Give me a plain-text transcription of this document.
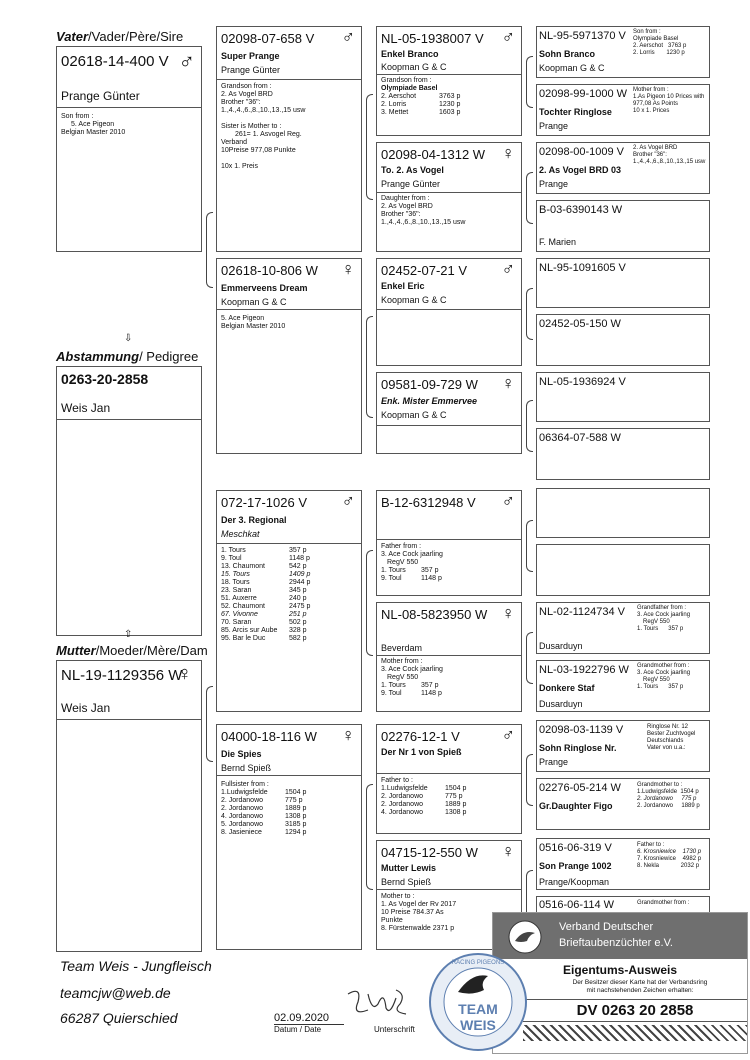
Vater/Vader/Père/Sire
02618-14-400 V ♂
Prange Günter
Son from :
5. Ace Pigeon
Belgian Master 2010
⇩
Abstammung/ Pedigree
0263-20-2858
Weis Jan
⇧
Mutter/Moeder/Mère/Dam
NL-19-1129356 W
♀
Weis Jan
02098-07-658 V ♂
Super Prange
Prange Günter
Grandson from :
2. As Vogel BRD
Brother "36":
1.,4.,4.,6.,8.,10.,13.,15 usw
Sister is Mother to :
261= 1. Asvogel Reg.
Verband
10Preise 977,08 Punkte
10x 1. Preis
02618-10-806 W ♀
Emmerveens Dream
Koopman G & C
5. Ace Pigeon
Belgian Master 2010
072-17-1026 V ♂
Der 3. Regional
Meschkat
1. Tours	357 p
9. Toul	1148 p
13. Chaumont	542 p
15. Tours	1409 p
18. Tours	2944 p
23. Saran	345 p
51. Auxerre	240 p
52. Chaumont	2475 p
67. Vivonne	251 p
70. Saran	502 p
85. Arcis sur Aube 328 p
95. Bar le Duc	582 p
04000-18-116 W ♀
Die Spies
Bernd Spieß
Fullsister from :
1.Ludwigsfelde 1504 p
2. Jordanowo	775 p
2. Jordanowo	1889 p
4. Jordanowo	1308 p
5. Jordanowo	3185 p
8. Jasieniece	1294 p
NL-05-1938007 V ♂
Enkel Branco
Koopman G & C
Grandson from :
Olympiade Basel
2. Aerschot	3763 p
2. Lorris	1230 p
3. Mettet	1603 p
02098-04-1312 W ♀
To. 2. As Vogel
Prange Günter
Daughter from :
2. As Vogel BRD
Brother "36":
1.,4.,4.,6.,8.,10.,13.,15 usw
02452-07-21 V ♂
Enkel Eric
Koopman G & C
09581-09-729 W ♀
Enk. Mister Emmervee
Koopman G & C
B-12-6312948 V ♂
Father from :
3. Ace Cock jaarling
RegV 550
1. Tours 357 p
9. Toul	1148 p
NL-08-5823950 W ♀
Beverdam
Mother from :
3. Ace Cock jaarling
RegV 550
1. Tours 357 p
9. Toul	1148 p
02276-12-1 V ♂
Der Nr 1 von Spieß
Father to :
1.Ludwigsfelde 1504 p
2. Jordanowo	775 p
2. Jordanowo	1889 p
4. Jordanowo	1308 p
04715-12-550 W ♀
Mutter Lewis
Bernd Spieß
Mother to :
1. As Vogel der Rv 2017
10 Preise 784.37 As
Punkte
8. Fürstenwalde 2371 p
NL-95-5971370 V
Sohn Branco
Koopman G & C
Son from :
Olympiade Basel
2. Aerschot   3763 p
2. Lorris       1230 p
02098-99-1000 W
Tochter Ringlose
Prange
Mother from :
1.As Pigeon 10 Prices with
977,08 As Points
10 x 1. Prices
02098-00-1009 V
2. As Vogel BRD 03
Prange
2. As Vogel BRD
Brother "36":
1.,4.,4.,6.,8.,10.,13.,15 usw
B-03-6390143 W
F. Marien
NL-95-1091605 V
02452-05-150 W
NL-05-1936924 V
06364-07-588 W
NL-02-1124734 V
Dusarduyn
Grandfather from :
3. Ace Cock jaarling
RegV 550
1. Tours      357 p
NL-03-1922796 W
Donkere Staf
Dusarduyn
Grandmother from :
3. Ace Cock jaarling
RegV 550
1. Tours      357 p
02098-03-1139 V
Sohn Ringlose Nr.
Prange
Ringlose Nr. 12
Bester Zuchtvogel
Deutschlands
Vater von u.a.:
02276-05-214 W
Gr.Daughter Figo
Grandmother to :
1.Ludwigsfelde  1504 p
2. Jordanowo     775 p
2. Jordanowo     1889 p
0516-06-319 V
Son Prange 1002
Prange/Koopman
Father to :
6. Krosniewice    1730 p
7. Krosniewice    4982 p
8. Nekla             2032 p
0516-06-114 W	Grandmother from :
Team Weis - Jungfleisch
teamcjw@web.de
66287 Quierschied	02.09.2020
Datum / Date	Unterschrift
Verband Deutscher
Brieftaubenzüchter e.V.
Eigentums-Ausweis
Der Besitzer dieser Karte hat der Verbandsring
mit nachstehenden Zeichen erhalten:
DV 0263 20 2858
TEAM
WEIS
RACING PIGEONS
